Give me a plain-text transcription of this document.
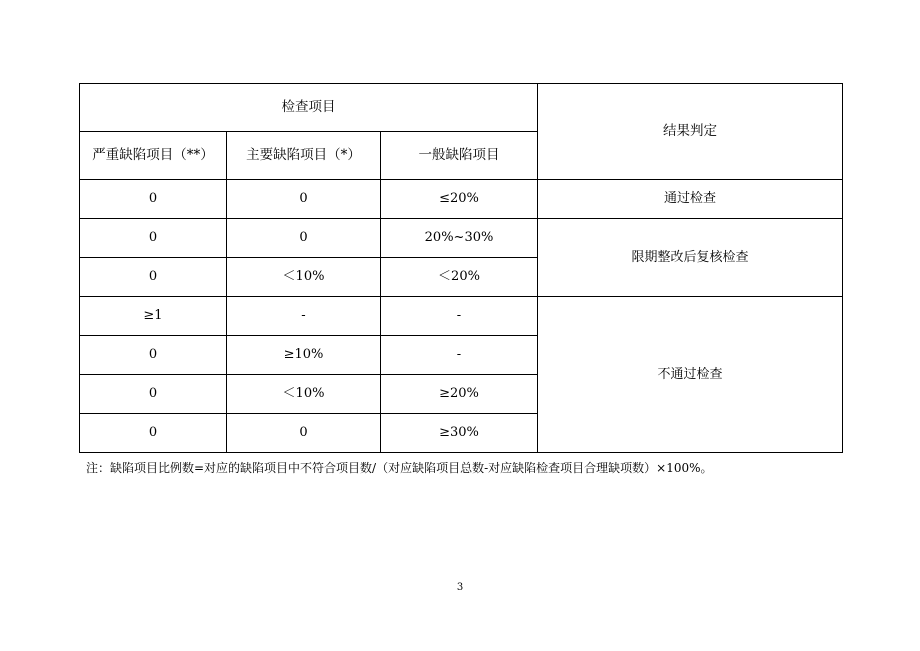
检查项目			结果判定
严重缺陷项目（**）	主要缺陷项目（*）	一般缺陷项目	
0	0	≤20%	通过检查
0	0	20%~30%	限期整改后复核检查
0	＜10%	＜20%	
≥1	-	-	不通过检查
0	≥10%	-	
0	＜10%	≥20%	
0	0	≥30%	
注：缺陷项目比例数=对应的缺陷项目中不符合项目数/（对应缺陷项目总数-对应缺陷检查项目合理缺项数）×100%。
3
